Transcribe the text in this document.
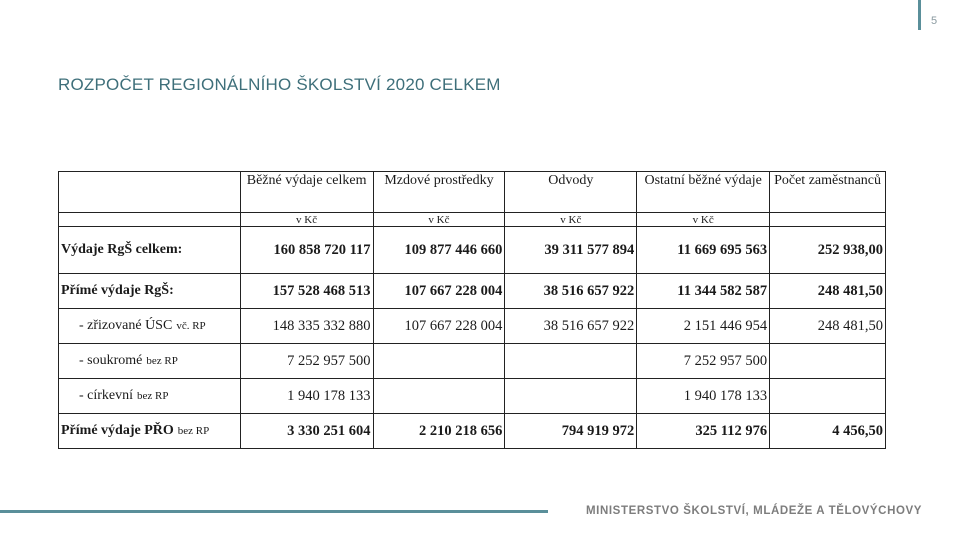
5
ROZPOČET REGIONÁLNÍHO ŠKOLSTVÍ 2020 CELKEM
	Běžné výdaje celkem	Mzdové prostředky	Odvody	Ostatní běžné výdaje	Počet zaměstnanců
	v Kč	v Kč	v Kč	v Kč	
Výdaje RgŠ celkem:	160 858 720 117	109 877 446 660	39 311 577 894	11 669 695 563	252 938,00
Přímé výdaje RgŠ:	157 528 468 513	107 667 228 004	38 516 657 922	11 344 582 587	248 481,50
- zřizované ÚSC vč. RP	148 335 332 880	107 667 228 004	38 516 657 922	2 151 446 954	248 481,50
- soukromé bez RP	7 252 957 500			7 252 957 500	
- církevní bez RP	1 940 178 133			1 940 178 133	
Přímé výdaje PŘO bez RP	3 330 251 604	2 210 218 656	794 919 972	325 112 976	4 456,50
MINISTERSTVO ŠKOLSTVÍ, MLÁDEŽE A TĚLOVÝCHOVY
